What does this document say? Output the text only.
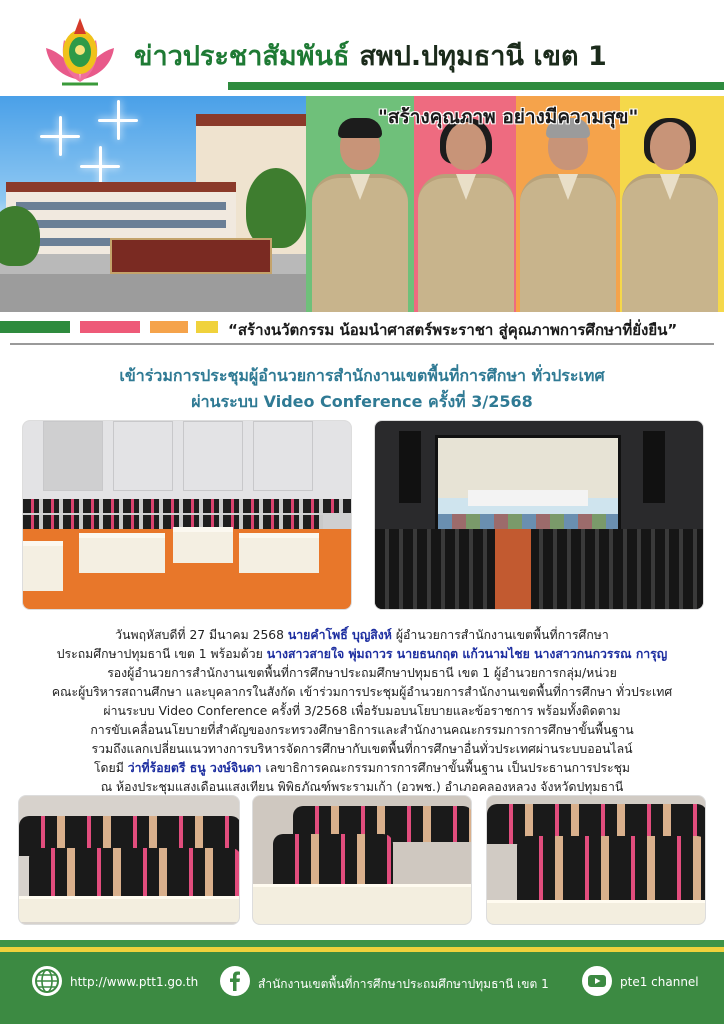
ข่าวประชาสัมพันธ์ สพป.ปทุมธานี เขต 1
"สร้างคุณภาพ อย่างมีความสุข"
“สร้างนวัตกรรม น้อมนำศาสตร์พระราชา สู่คุณภาพการศึกษาที่ยั่งยืน”
เข้าร่วมการประชุมผู้อำนวยการสำนักงานเขตพื้นที่การศึกษา ทั่วประเทศ
ผ่านระบบ Video Conference ครั้งที่ 3/2568
วันพฤหัสบดีที่ 27 มีนาคม 2568 นายคำโพธิ์ บุญสิงห์ ผู้อำนวยการสำนักงานเขตพื้นที่การศึกษา
ประถมศึกษาปทุมธานี เขต 1 พร้อมด้วย นางสาวสายใจ พุ่มถาวร นายธนกฤต แก้วนามไชย นางสาวกนกวรรณ การุญ
รองผู้อำนวยการสำนักงานเขตพื้นที่การศึกษาประถมศึกษาปทุมธานี เขต 1 ผู้อำนวยการกลุ่ม/หน่วย
คณะผู้บริหารสถานศึกษา และบุคลากรในสังกัด เข้าร่วมการประชุมผู้อำนวยการสำนักงานเขตพื้นที่การศึกษา ทั่วประเทศ
ผ่านระบบ Video Conference ครั้งที่ 3/2568 เพื่อรับมอบนโยบายและข้อราชการ พร้อมทั้งติดตาม
การขับเคลื่อนนโยบายที่สำคัญของกระทรวงศึกษาธิการและสำนักงานคณะกรรมการการศึกษาขั้นพื้นฐาน
รวมถึงแลกเปลี่ยนแนวทางการบริหารจัดการศึกษากับเขตพื้นที่การศึกษาอื่นทั่วประเทศผ่านระบบออนไลน์
โดยมี ว่าที่ร้อยตรี ธนู วงษ์จินดา เลขาธิการคณะกรรมการการศึกษาขั้นพื้นฐาน เป็นประธานการประชุม
ณ ห้องประชุมแสงเดือนแสงเทียน พิพิธภัณฑ์พระรามเก้า (อวพช.) อำเภอคลองหลวง จังหวัดปทุมธานี
http://www.ptt1.go.th	สำนักงานเขตพื้นที่การศึกษาประถมศึกษาปทุมธานี เขต 1	pte1 channel
